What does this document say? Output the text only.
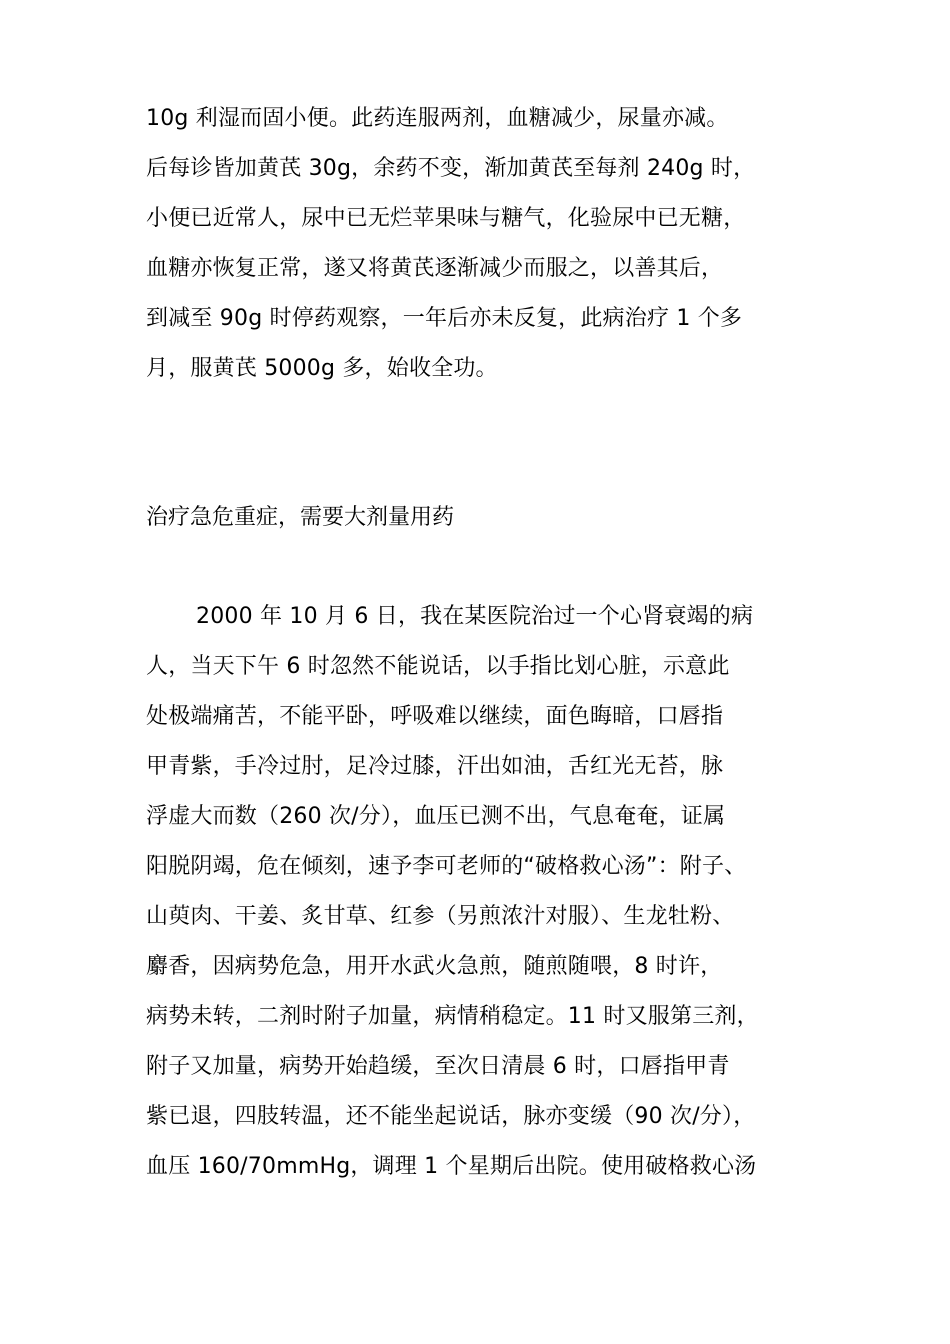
10g 利湿而固小便。此药连服两剂，血糖减少，尿量亦减。
后每诊皆加黄芪 30g，余药不变，渐加黄芪至每剂 240g 时，
小便已近常人，尿中已无烂苹果味与糖气，化验尿中已无糖，
血糖亦恢复正常，遂又将黄芪逐渐减少而服之，以善其后，
到减至 90g 时停药观察，一年后亦未反复，此病治疗 1 个多
月，服黄芪 5000g 多，始收全功。
治疗急危重症，需要大剂量用药
2000 年 10 月 6 日，我在某医院治过一个心肾衰竭的病
人，当天下午 6 时忽然不能说话，以手指比划心脏，示意此
处极端痛苦，不能平卧，呼吸难以继续，面色晦暗，口唇指
甲青紫，手冷过肘，足冷过膝，汗出如油，舌红光无苔，脉
浮虚大而数（260 次/分），血压已测不出，气息奄奄，证属
阳脱阴竭，危在倾刻，速予李可老师的“破格救心汤”：附子、
山萸肉、干姜、炙甘草、红参（另煎浓汁对服）、生龙牡粉、
麝香，因病势危急，用开水武火急煎，随煎随喂，8 时许，
病势未转，二剂时附子加量，病情稍稳定。11 时又服第三剂，
附子又加量，病势开始趋缓，至次日清晨 6 时，口唇指甲青
紫已退，四肢转温，还不能坐起说话，脉亦变缓（90 次/分），
血压 160/70mmHg，调理 1 个星期后出院。使用破格救心汤
